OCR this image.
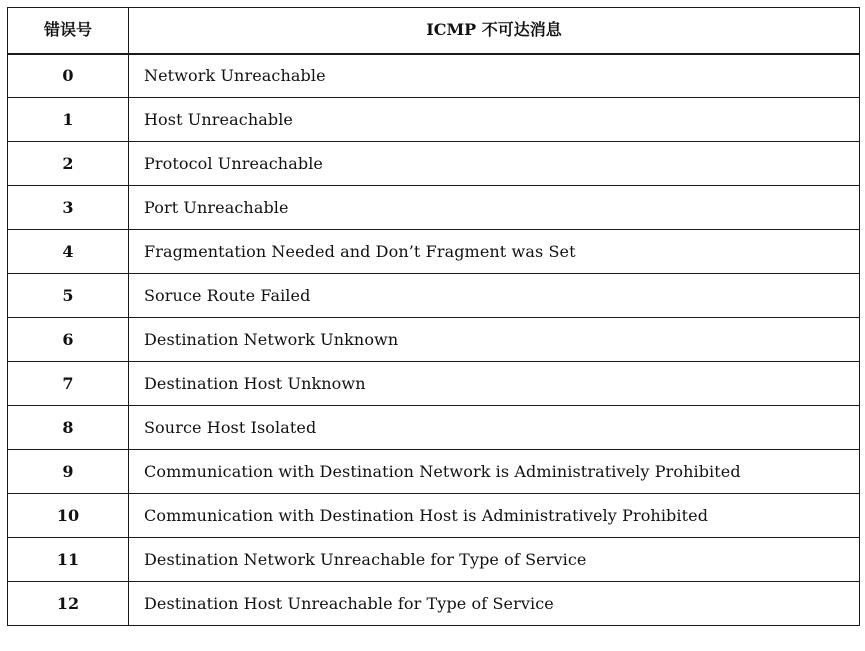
错误号	ICMP 不可达消息
0	Network Unreachable
1	Host Unreachable
2	Protocol Unreachable
3	Port Unreachable
4	Fragmentation Needed and Don’t Fragment was Set
5	Soruce Route Failed
6	Destination Network Unknown
7	Destination Host Unknown
8	Source Host Isolated
9	Communication with Destination Network is Administratively Prohibited
10	Communication with Destination Host is Administratively Prohibited
11	Destination Network Unreachable for Type of Service
12	Destination Host Unreachable for Type of Service
